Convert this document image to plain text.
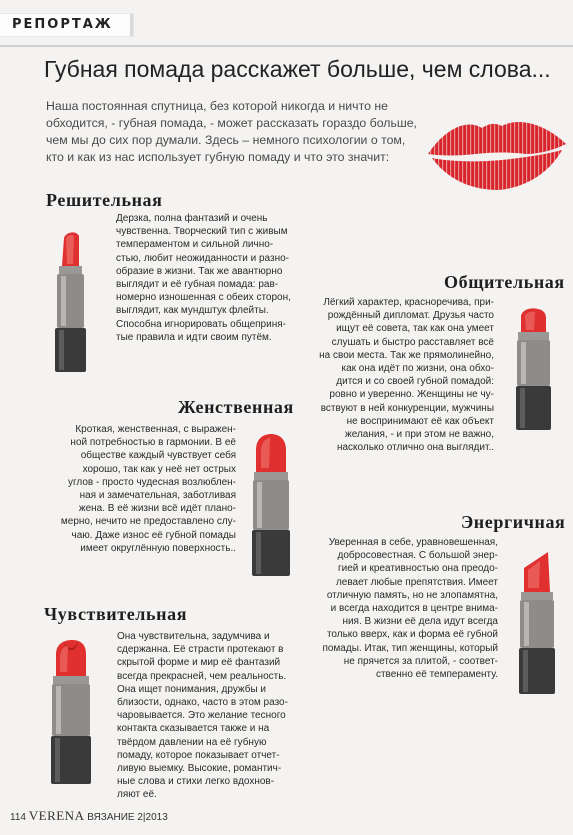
РЕПОРТАЖ
Губная помада расскажет больше, чем слова...
Наша постоянная спутница, без которой никогда и ничто не
обходится, - губная помада, - может рассказать гораздо больше,
чем мы до сих пор думали. Здесь – немного психологии о том,
кто и как из нас использует губную помаду и что это значит:
Решительная
Дерзка, полна фантазий и очень
чувственна. Творческий тип с живым
темпераментом и сильной лично-
стью, любит неожиданности и разно-
образие в жизни. Так же авантюрно
выглядит и её губная помада: рав-
номерно изношенная с обеих сторон,
выглядит, как мундштук флейты.
Способна игнорировать общеприня-
тые правила и идти своим путём.
Общительная
Лёгкий характер, красноречива, при-
рождённый дипломат. Друзья часто
ищут её совета, так как она умеет
слушать и быстро расставляет всё
на свои места. Так же прямолинейно,
как она идёт по жизни, она обхо-
дится и со своей губной помадой:
ровно и уверенно. Женщины не чу-
вствуют в ней конкуренции, мужчины
не воспринимают её как объект
желания, - и при этом не важно,
насколько отлично она выглядит..
Женственная
Кроткая, женственная, с выражен-
ной потребностью в гармонии. В её
обществе каждый чувствует себя
хорошо, так как у неё нет острых
углов - просто чудесная возлюблен-
ная и замечательная, заботливая
жена. В её жизни всё идёт плано-
мерно, нечито не предоставлено слу-
чаю. Даже износ её губной помады
имеет округлённую поверхность..
Энергичная
Уверенная в себе, уравновешенная,
добросовестная. С большой энер-
гией и креативностью она преодо-
левает любые препятствия. Имеет
отличную память, но не злопамятна,
и всегда находится в центре внима-
ния. В жизни её дела идут всегда
только вверх, как и форма её губной
помады. Итак, тип женщины, который
не прячется за плитой, - соответ-
ственно её темпераменту.
Чувствительная
Она чувствительна, задумчива и
сдержанна. Её страсти протекают в
скрытой форме и мир её фантазий
всегда прекрасней, чем реальность.
Она ищет понимания, дружбы и
близости, однако, часто в этом разо-
чаровывается. Это желание тесного
контакта сказывается также и на
твёрдом давлении на её губную
помаду, которое показывает отчет-
ливую выемку. Высокие, романтич-
ные слова и стихи легко вдохнов-
ляют её.
114 VERENA ВЯЗАНИЕ 2|2013
